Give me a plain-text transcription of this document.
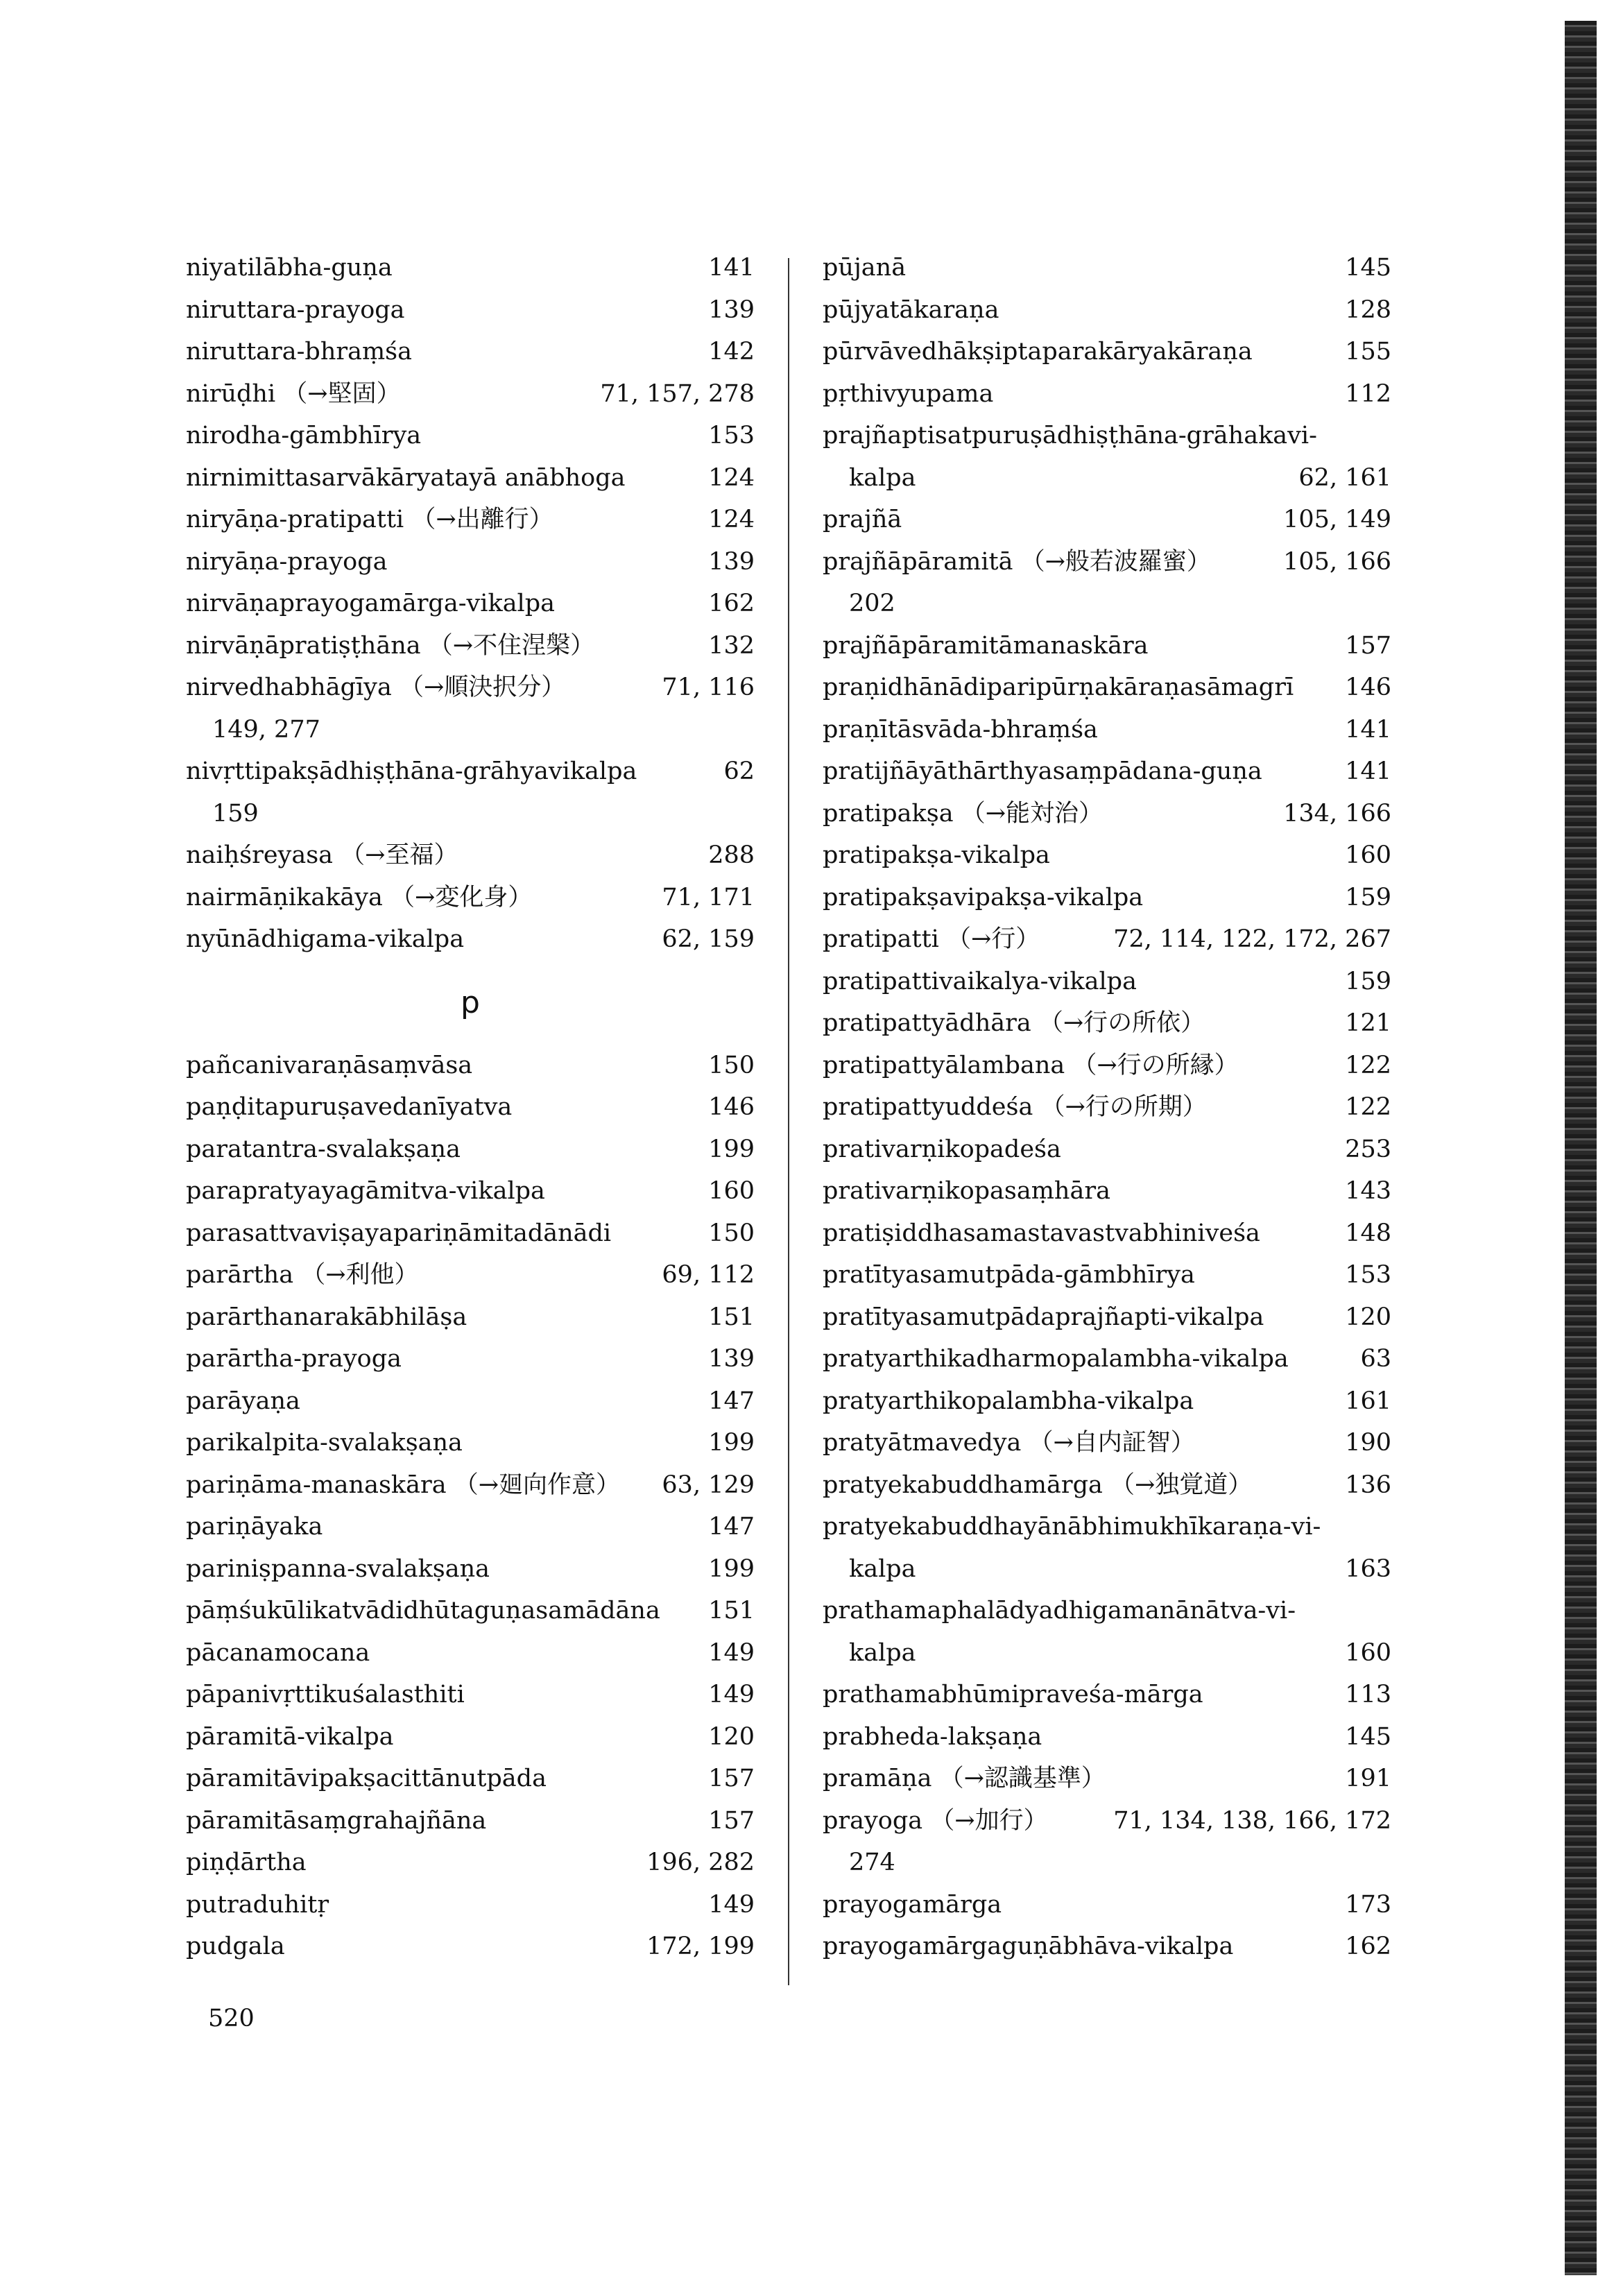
niyatilābha-guṇa	141
niruttara-prayoga	139
niruttara-bhraṃśa	142
nirūḍhi （→堅固）	71, 157, 278
nirodha-gāmbhīrya	153
nirnimittasarvākāryatayā anābhoga	124
niryāṇa-pratipatti （→出離行）	124
niryāṇa-prayoga	139
nirvāṇaprayogamārga-vikalpa	162
nirvāṇāpratiṣṭhāna （→不住涅槃）	132
nirvedhabhāgīya （→順決択分）	71, 116
149, 277
nivṛttipakṣādhiṣṭhāna-grāhyavikalpa	62
159
naiḥśreyasa （→至福）	288
nairmāṇikakāya （→変化身）	71, 171
nyūnādhigama-vikalpa	62, 159
p
pañcanivaraṇāsaṃvāsa	150
paṇḍitapuruṣavedanīyatva	146
paratantra-svalakṣaṇa	199
parapratyayagāmitva-vikalpa	160
parasattvaviṣayapariṇāmitadānādi	150
parārtha （→利他）	69, 112
parārthanarakābhilāṣa	151
parārtha-prayoga	139
parāyaṇa	147
parikalpita-svalakṣaṇa	199
pariṇāma-manaskāra （→廻向作意） 63, 129
pariṇāyaka	147
pariniṣpanna-svalakṣaṇa	199
pāṃśukūlikatvādidhūtaguṇasamādāna 151
pācanamocana	149
pāpanivṛttikuśalasthiti	149
pāramitā-vikalpa	120
pāramitāvipakṣacittānutpāda	157
pāramitāsaṃgrahajñāna	157
piṇḍārtha	196, 282
putraduhitṛ	149
pudgala	172, 199
pūjanā	145
pūjyatākaraṇa	128
pūrvāvedhākṣiptaparakāryakāraṇa	155
pṛthivyupama	112
prajñaptisatpuruṣādhiṣṭhāna-grāhakavi-
kalpa	62, 161
prajñā	105, 149
prajñāpāramitā （→般若波羅蜜）	105, 166
202
prajñāpāramitāmanaskāra	157
praṇidhānādiparipūrṇakāraṇasāmagrī 146
praṇītāsvāda-bhraṃśa	141
pratijñāyāthārthyasaṃpādana-guṇa	141
pratipakṣa （→能対治）	134, 166
pratipakṣa-vikalpa	160
pratipakṣavipakṣa-vikalpa	159
pratipatti （→行）	72, 114, 122, 172, 267
pratipattivaikalya-vikalpa	159
pratipattyādhāra （→行の所依）	121
pratipattyālambana （→行の所縁）	122
pratipattyuddeśa （→行の所期）	122
prativarṇikopadeśa	253
prativarṇikopasaṃhāra	143
pratiṣiddhasamastavastvabhiniveśa	148
pratītyasamutpāda-gāmbhīrya	153
pratītyasamutpādaprajñapti-vikalpa	120
pratyarthikadharmopalambha-vikalpa	63
pratyarthikopalambha-vikalpa	161
pratyātmavedya （→自内証智）	190
pratyekabuddhamārga （→独覚道）	136
pratyekabuddhayānābhimukhīkaraṇa-vi-
kalpa	163
prathamaphalādyadhigamanānātva-vi-
kalpa	160
prathamabhūmipraveśa-mārga	113
prabheda-lakṣaṇa	145
pramāṇa （→認識基準）	191
prayoga （→加行）	71, 134, 138, 166, 172
274
prayogamārga	173
prayogamārgaguṇābhāva-vikalpa	162
520
